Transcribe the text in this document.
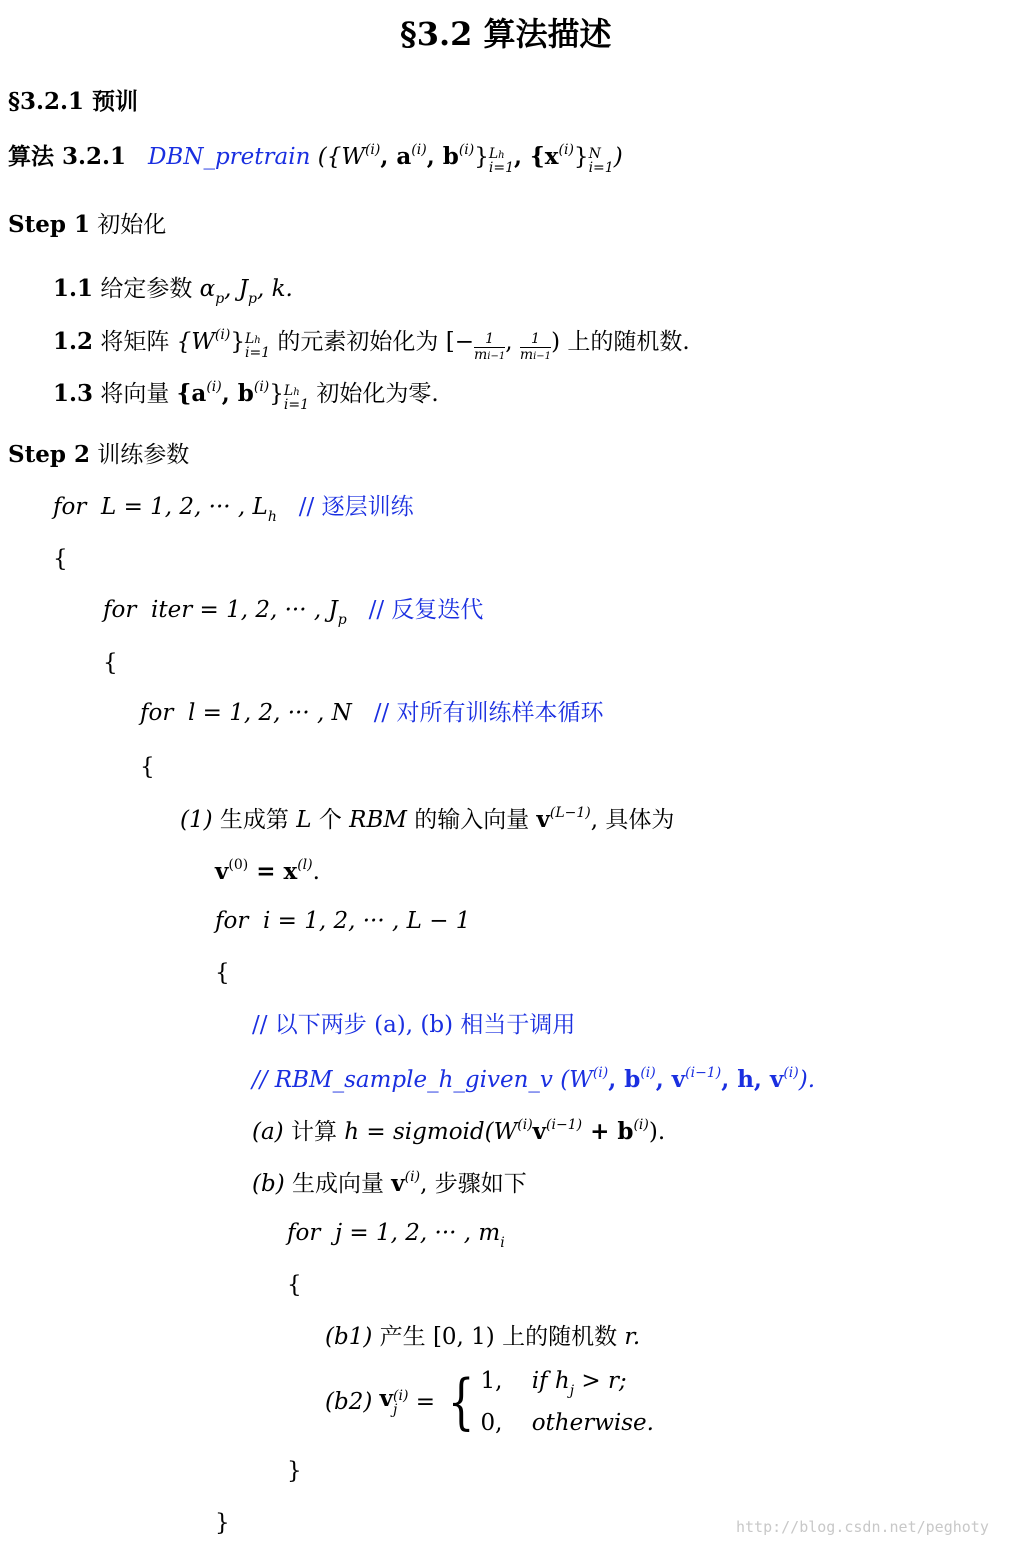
§3.2 算法描述
§3.2.1 预训
算法 3.2.1 DBN_pretrain ({$W^{(i)}$, $a^{(i)}$, $b^{(i)}$} Lh
i=1 , $\{x^{(i)}\}$ N
i=1 )
Step 1 初始化
1.1 给定参数 $\alpha_p$, $J_p$, k.
1.2 将矩阵 $\{W^{(i)}\}$ Lh
i=1 的元素初始化为 [− $\frac{1}{mi-1}$ , $\frac{1}{mi-1}$ ) 上的随机数.
1.3 将向量 {$a^{(i)}$, $b^{(i)}$} Lh
i=1 初始化为零.
Step 2 训练参数
for L = 1, 2, ··· , $L_h$ // 逐层训练
{
for iter = 1, 2, ··· , $J_p$ // 反复迭代
{
for l = 1, 2, ··· , N // 对所有训练样本循环
{
(1) 生成第 L 个 RBM 的输入向量 $v^{(L-1)}$, 具体为
$v^{(0)} = x^{(l)}$.
for i = 1, 2, ··· , L − 1
{
// 以下两步 (a), (b) 相当于调用
// RBM_sample_h_given_v ($W^{(i)}$, $b^{(i)}$, $v^{(i-1)}$, h, $v^{(i)}$).
(a) 计算 $h = sigmoid(W^{(i)}v^{(i-1)} + b^{(i)})$.
(b) 生成向量 $v^{(i)}$, 步骤如下
for j = 1, 2, ··· , $m_i$
{
(b1) 产生 [0, 1) 上的随机数 r.
(b2) v (i)
j = { 1, if $h_j > r$;
0, otherwise.
}
}	http://blog.csdn.net/peghoty
